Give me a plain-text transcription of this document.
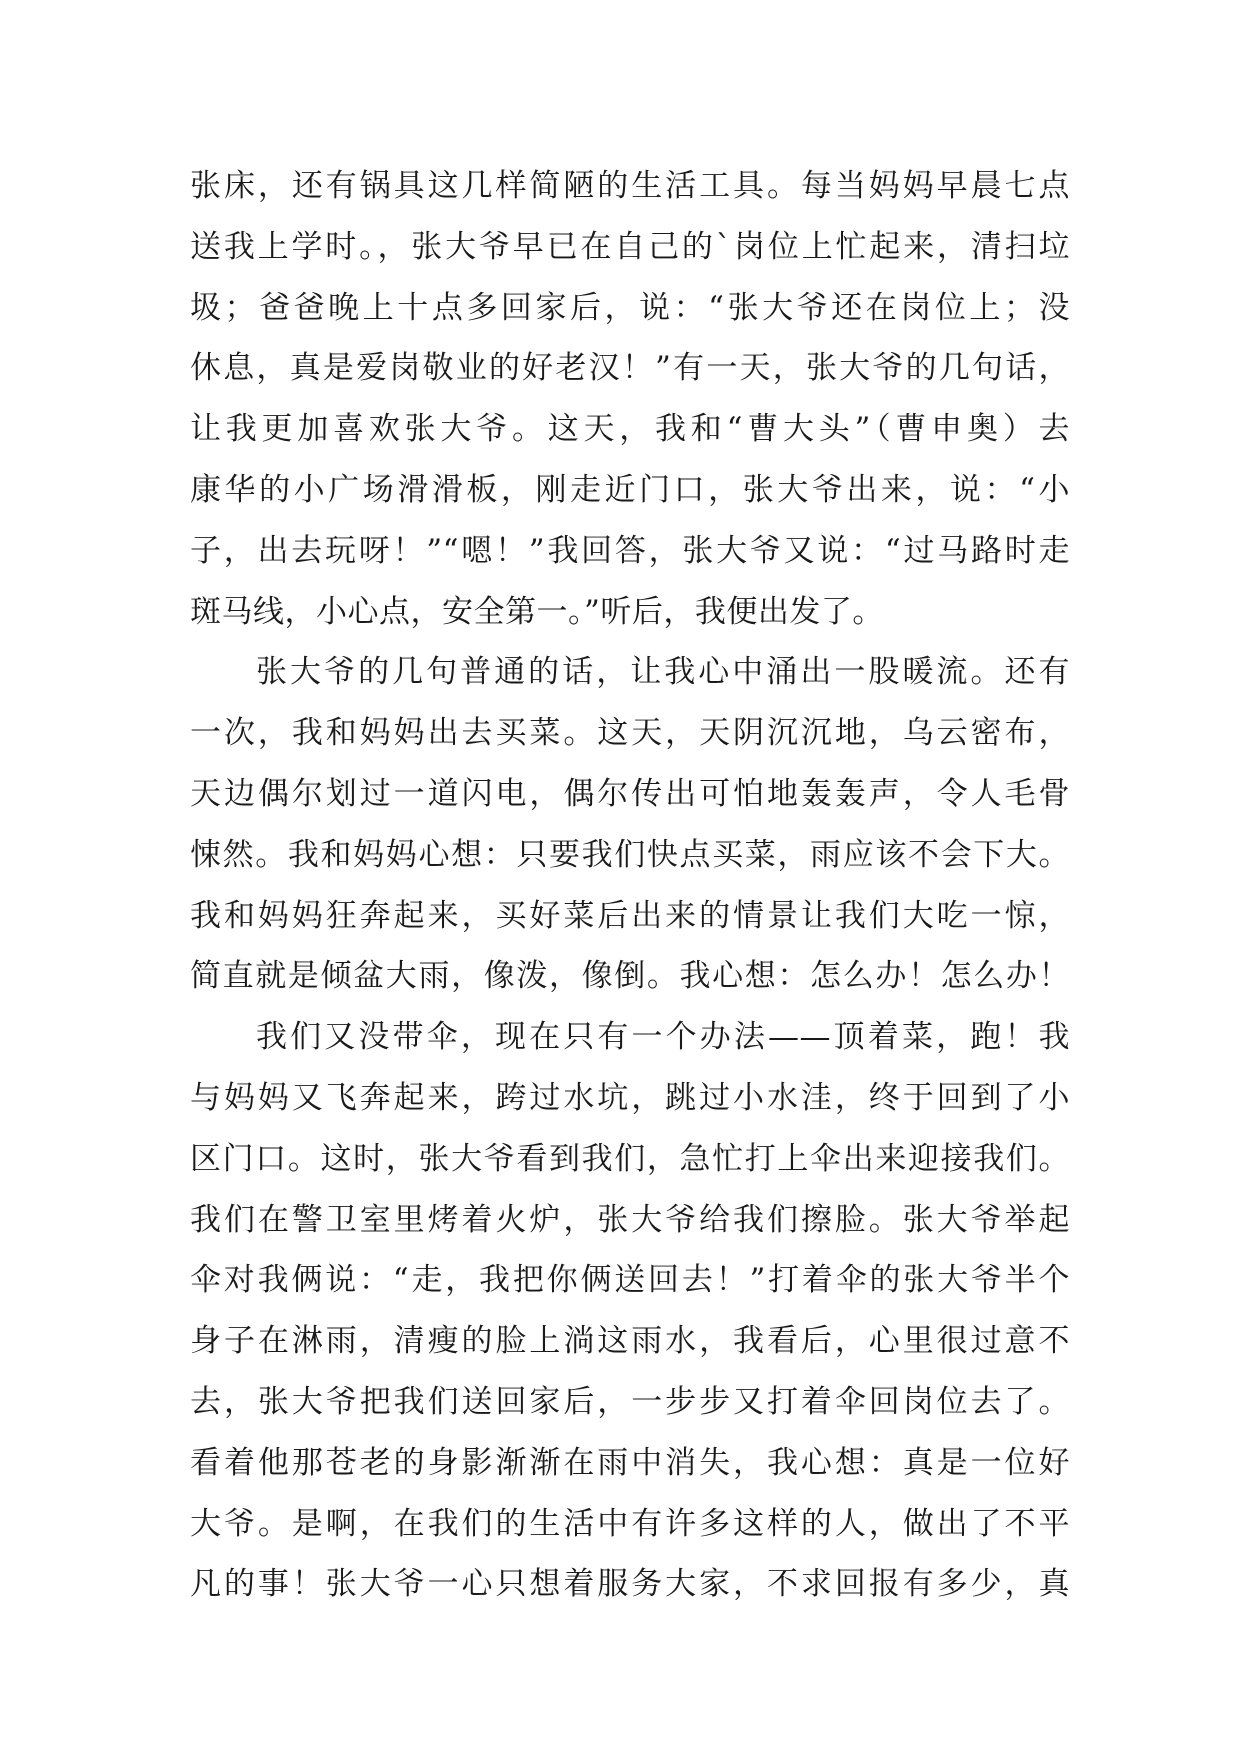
张床，还有锅具这几样简陋的生活工具。每当妈妈早晨七点
送我上学时。，张大爷早已在自己的`岗位上忙起来，清扫垃
圾；爸爸晚上十点多回家后，说：“张大爷还在岗位上；没
休息，真是爱岗敬业的好老汉！”有一天，张大爷的几句话，
让我更加喜欢张大爷。这天，我和“曹大头”（曹申奥）去
康华的小广场滑滑板，刚走近门口，张大爷出来，说：“小
子，出去玩呀！”“嗯！”我回答，张大爷又说：“过马路时走
斑马线，小心点，安全第一。”听后，我便出发了。
张大爷的几句普通的话，让我心中涌出一股暖流。还有
一次，我和妈妈出去买菜。这天，天阴沉沉地，乌云密布，
天边偶尔划过一道闪电，偶尔传出可怕地轰轰声，令人毛骨
悚然。我和妈妈心想：只要我们快点买菜，雨应该不会下大。
我和妈妈狂奔起来，买好菜后出来的情景让我们大吃一惊，
简直就是倾盆大雨，像泼，像倒。我心想：怎么办！怎么办！
我们又没带伞，现在只有一个办法——顶着菜，跑！我
与妈妈又飞奔起来，跨过水坑，跳过小水洼，终于回到了小
区门口。这时，张大爷看到我们，急忙打上伞出来迎接我们。
我们在警卫室里烤着火炉，张大爷给我们擦脸。张大爷举起
伞对我俩说：“走，我把你俩送回去！”打着伞的张大爷半个
身子在淋雨，清瘦的脸上淌这雨水，我看后，心里很过意不
去，张大爷把我们送回家后，一步步又打着伞回岗位去了。
看着他那苍老的身影渐渐在雨中消失，我心想：真是一位好
大爷。是啊，在我们的生活中有许多这样的人，做出了不平
凡的事！张大爷一心只想着服务大家，不求回报有多少，真
